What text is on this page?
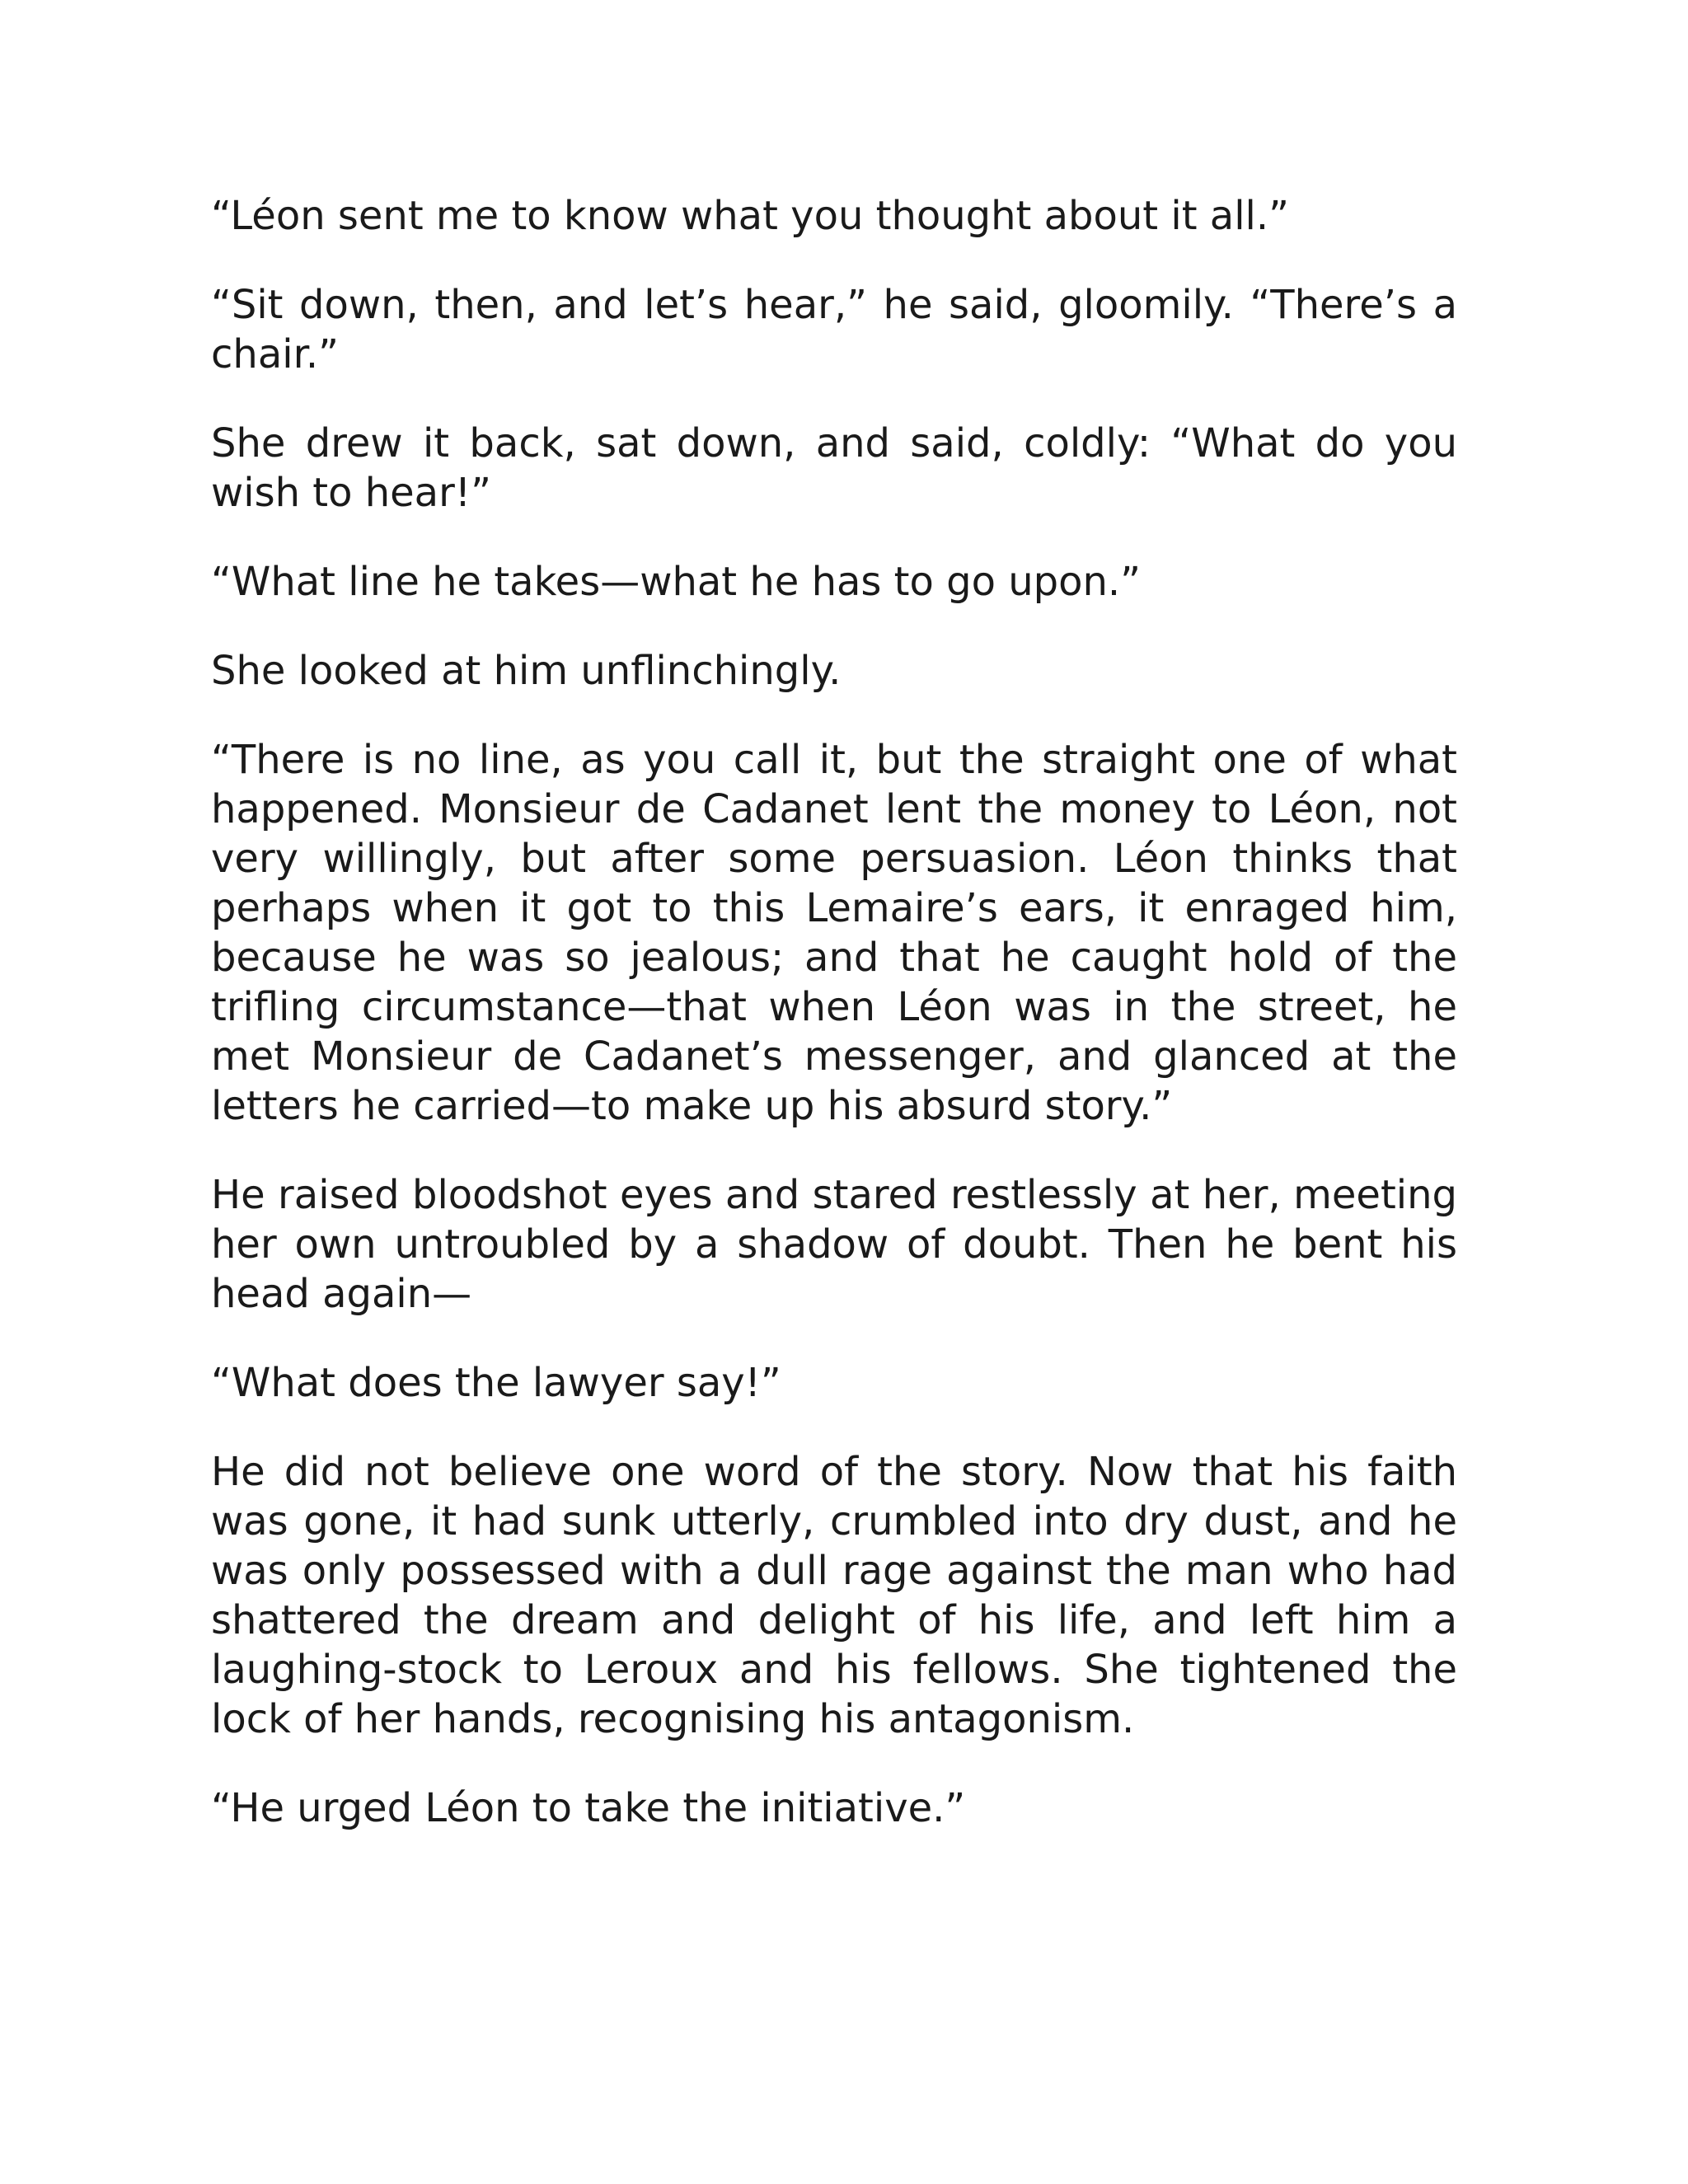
“Léon sent me to know what you thought about it all.”

“Sit down, then, and let’s hear,” he said, gloomily. “There’s a chair.”

She drew it back, sat down, and said, coldly: “What do you wish to hear!”

“What line he takes—what he has to go upon.”

She looked at him unflinchingly.

“There is no line, as you call it, but the straight one of what happened. Monsieur de Cadanet lent the money to Léon, not very willingly, but after some persuasion. Léon thinks that perhaps when it got to this Lemaire’s ears, it enraged him, because he was so jealous; and that he caught hold of the trifling circumstance—that when Léon was in the street, he met Monsieur de Cadanet’s messenger, and glanced at the letters he carried—to make up his absurd story.”

He raised bloodshot eyes and stared restlessly at her, meeting her own untroubled by a shadow of doubt. Then he bent his head again—

“What does the lawyer say!”

He did not believe one word of the story. Now that his faith was gone, it had sunk utterly, crumbled into dry dust, and he was only possessed with a dull rage against the man who had shattered the dream and delight of his life, and left him a laughing-stock to Leroux and his fellows. She tightened the lock of her hands, recognising his antagonism.

“He urged Léon to take the initiative.”
